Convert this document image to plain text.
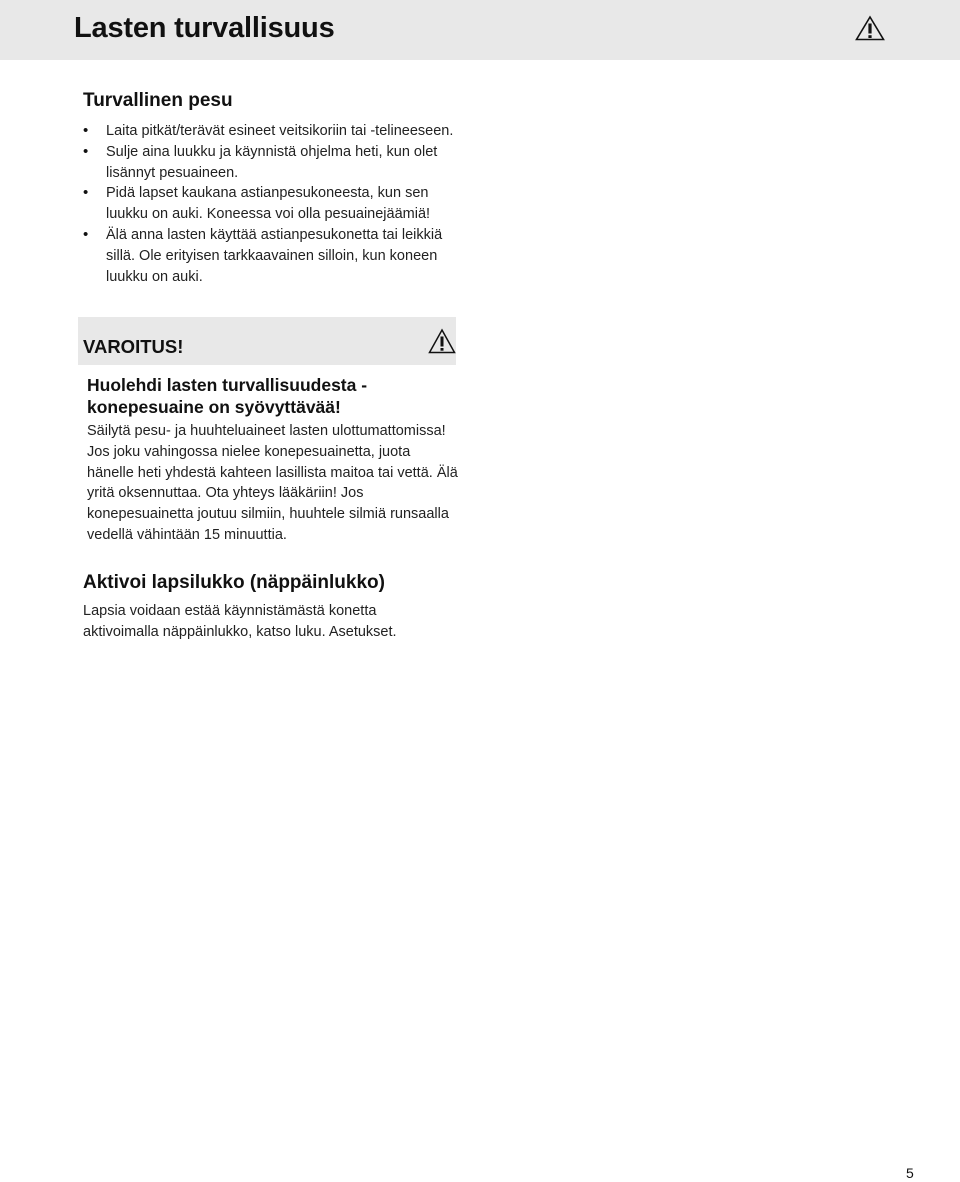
Lasten turvallisuus
Turvallinen pesu
• Laita pitkät/terävät esineet veitsikoriin tai -telineeseen.
• Sulje aina luukku ja käynnistä ohjelma heti, kun olet lisännyt pesuaineen.
• Pidä lapset kaukana astianpesukoneesta, kun sen luukku on auki. Koneessa voi olla pesuainejäämiä!
• Älä anna lasten käyttää astianpesukonetta tai leikkiä sillä. Ole erityisen tarkkaavainen silloin, kun koneen luukku on auki.
VAROITUS!
Huolehdi lasten turvallisuudesta - konepesuaine on syövyttävää!

Säilytä pesu- ja huuhteluaineet lasten ulottumattomissa! Jos joku vahingossa nielee konepesuainetta, juota hänelle heti yhdestä kahteen lasillista maitoa tai vettä. Älä yritä oksennuttaa. Ota yhteys lääkäriin! Jos konepesuainetta joutuu silmiin, huuhtele silmiä runsaalla vedellä vähintään 15 minuuttia.

Aktivoi lapsilukko (näppäinlukko)

Lapsia voidaan estää käynnistämästä konetta aktivoimalla näppäinlukko, katso luku. Asetukset.

5
